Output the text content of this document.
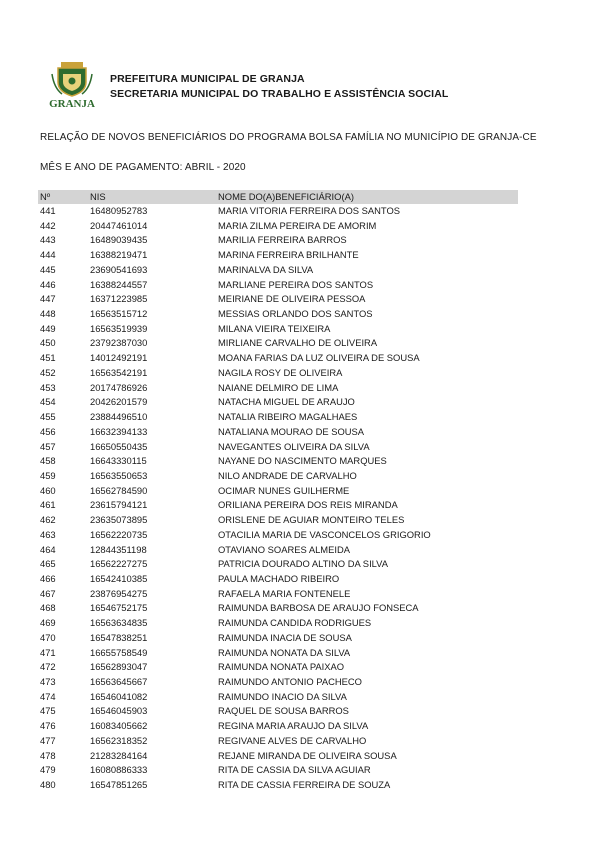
GRANJA
PREFEITURA MUNICIPAL DE GRANJA
SECRETARIA MUNICIPAL DO TRABALHO E ASSISTÊNCIA SOCIAL
RELAÇÃO DE NOVOS BENEFICIÁRIOS DO PROGRAMA BOLSA FAMÍLIA NO MUNICÍPIO DE GRANJA-CE
MÊS E ANO DE PAGAMENTO: ABRIL - 2020
Nº	NIS	NOME DO(A)BENEFICIÁRIO(A)
441	16480952783	MARIA VITORIA FERREIRA DOS SANTOS
442	20447461014	MARIA ZILMA PEREIRA DE AMORIM
443	16489039435	MARILIA FERREIRA BARROS
444	16388219471	MARINA FERREIRA BRILHANTE
445	23690541693	MARINALVA DA SILVA
446	16388244557	MARLIANE PEREIRA DOS SANTOS
447	16371223985	MEIRIANE DE OLIVEIRA PESSOA
448	16563515712	MESSIAS ORLANDO DOS SANTOS
449	16563519939	MILANA VIEIRA TEIXEIRA
450	23792387030	MIRLIANE CARVALHO DE OLIVEIRA
451	14012492191	MOANA FARIAS DA LUZ OLIVEIRA DE SOUSA
452	16563542191	NAGILA ROSY DE OLIVEIRA
453	20174786926	NAIANE DELMIRO DE LIMA
454	20426201579	NATACHA MIGUEL DE ARAUJO
455	23884496510	NATALIA RIBEIRO MAGALHAES
456	16632394133	NATALIANA MOURAO DE SOUSA
457	16650550435	NAVEGANTES OLIVEIRA DA SILVA
458	16643330115	NAYANE DO NASCIMENTO MARQUES
459	16563550653	NILO ANDRADE DE CARVALHO
460	16562784590	OCIMAR NUNES GUILHERME
461	23615794121	ORILIANA PEREIRA DOS REIS MIRANDA
462	23635073895	ORISLENE DE AGUIAR MONTEIRO TELES
463	16562220735	OTACILIA MARIA DE VASCONCELOS GRIGORIO
464	12844351198	OTAVIANO SOARES ALMEIDA
465	16562227275	PATRICIA DOURADO ALTINO DA SILVA
466	16542410385	PAULA MACHADO RIBEIRO
467	23876954275	RAFAELA MARIA FONTENELE
468	16546752175	RAIMUNDA BARBOSA DE ARAUJO FONSECA
469	16563634835	RAIMUNDA CANDIDA RODRIGUES
470	16547838251	RAIMUNDA INACIA DE SOUSA
471	16655758549	RAIMUNDA NONATA DA SILVA
472	16562893047	RAIMUNDA NONATA PAIXAO
473	16563645667	RAIMUNDO ANTONIO PACHECO
474	16546041082	RAIMUNDO INACIO DA SILVA
475	16546045903	RAQUEL DE SOUSA BARROS
476	16083405662	REGINA MARIA ARAUJO DA SILVA
477	16562318352	REGIVANE ALVES DE CARVALHO
478	21283284164	REJANE MIRANDA DE OLIVEIRA SOUSA
479	16080886333	RITA DE CASSIA DA SILVA AGUIAR
480	16547851265	RITA DE CASSIA FERREIRA DE SOUZA
